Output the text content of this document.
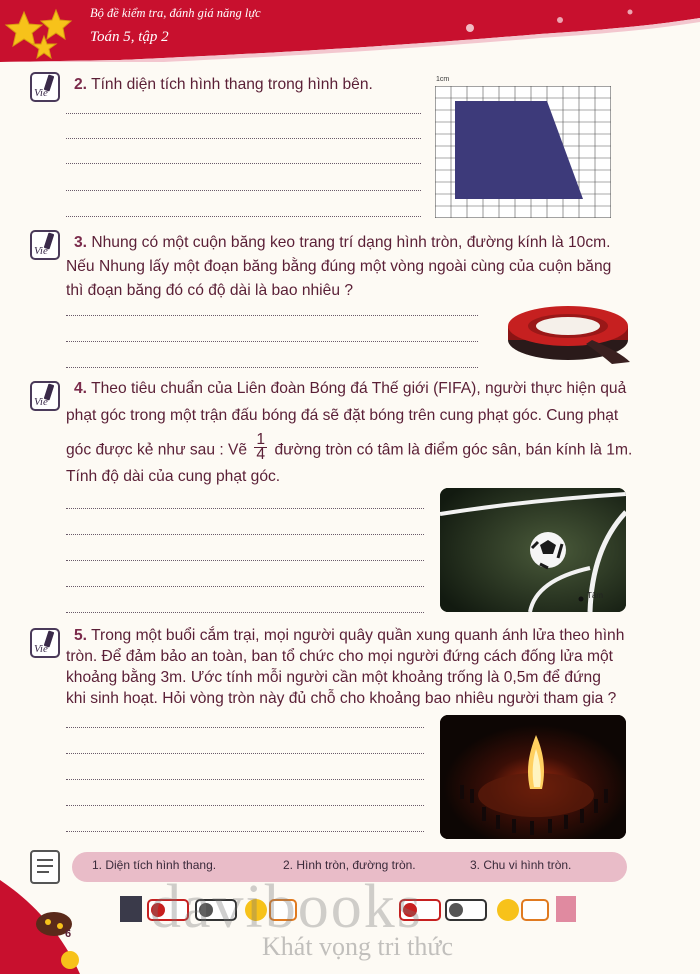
Bộ đề kiểm tra, đánh giá năng lực
Toán 5, tập 2
Vie 2. Tính diện tích hình thang trong hình bên.	1cm
Vie 3. Nhung có một cuộn băng keo trang trí dạng hình tròn, đường kính là 10cm.
Nếu Nhung lấy một đoạn băng bằng đúng một vòng ngoài cùng của cuộn băng
thì đoạn băng đó có độ dài là bao nhiêu ?
Vie
4. Theo tiêu chuẩn của Liên đoàn Bóng đá Thế giới (FIFA), người thực hiện quả
phạt góc trong một trận đấu bóng đá sẽ đặt bóng trên cung phạt góc. Cung phạt
góc được kẻ như sau : Vẽ $\frac{1}{4}$ đường tròn có tâm là điểm góc sân, bán kính là 1m.
Tính độ dài của cung phạt góc.
Tâm
Vie
5. Trong một buổi cắm trại, mọi người quây quần xung quanh ánh lửa theo hình
tròn. Để đảm bảo an toàn, ban tổ chức cho mọi người đứng cách đống lửa một
khoảng bằng 3m. Ước tính mỗi người cần một khoảng trống là 0,5m để đứng
khi sinh hoạt. Hỏi vòng tròn này đủ chỗ cho khoảng bao nhiêu người tham gia ?
1. Diện tích hình thang.	2. Hình tròn, đường tròn.	3. Chu vi hình tròn.
6 davibooks
Khát vọng tri thức
